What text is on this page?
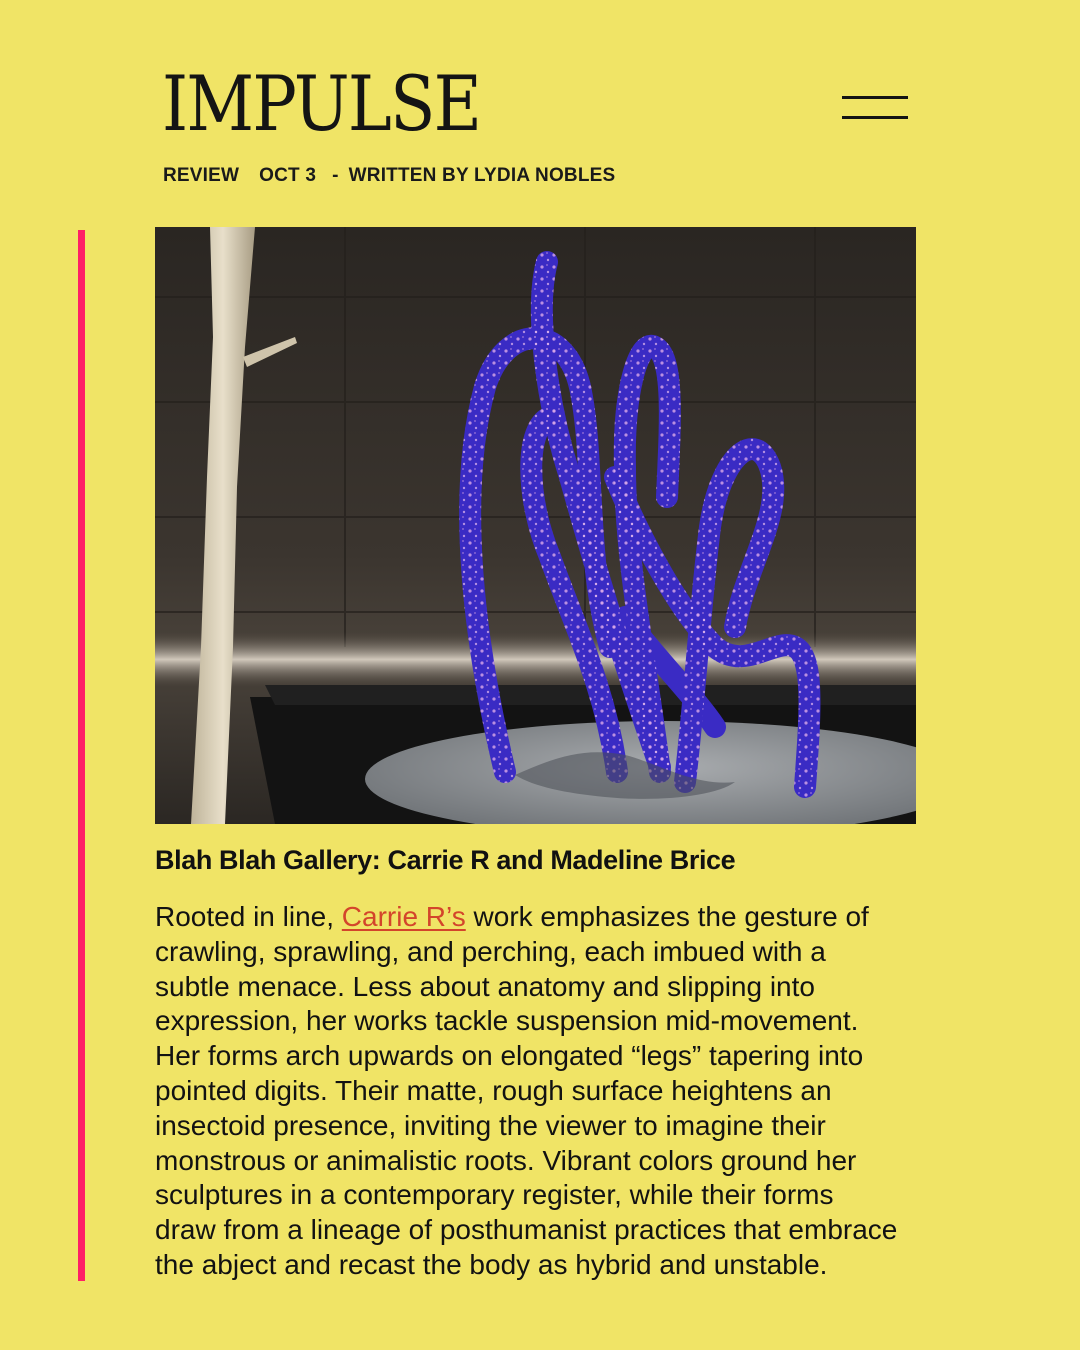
IMPULSE
REVIEW OCT 3 - WRITTEN BY LYDIA NOBLES
Blah Blah Gallery: Carrie R and Madeline Brice

Rooted in line, Carrie R’s work emphasizes the gesture of
crawling, sprawling, and perching, each imbued with a
subtle menace. Less about anatomy and slipping into
expression, her works tackle suspension mid-movement.
Her forms arch upwards on elongated “legs” tapering into
pointed digits. Their matte, rough surface heightens an
insectoid presence, inviting the viewer to imagine their
monstrous or animalistic roots. Vibrant colors ground her
sculptures in a contemporary register, while their forms
draw from a lineage of posthumanist practices that embrace
the abject and recast the body as hybrid and unstable.
